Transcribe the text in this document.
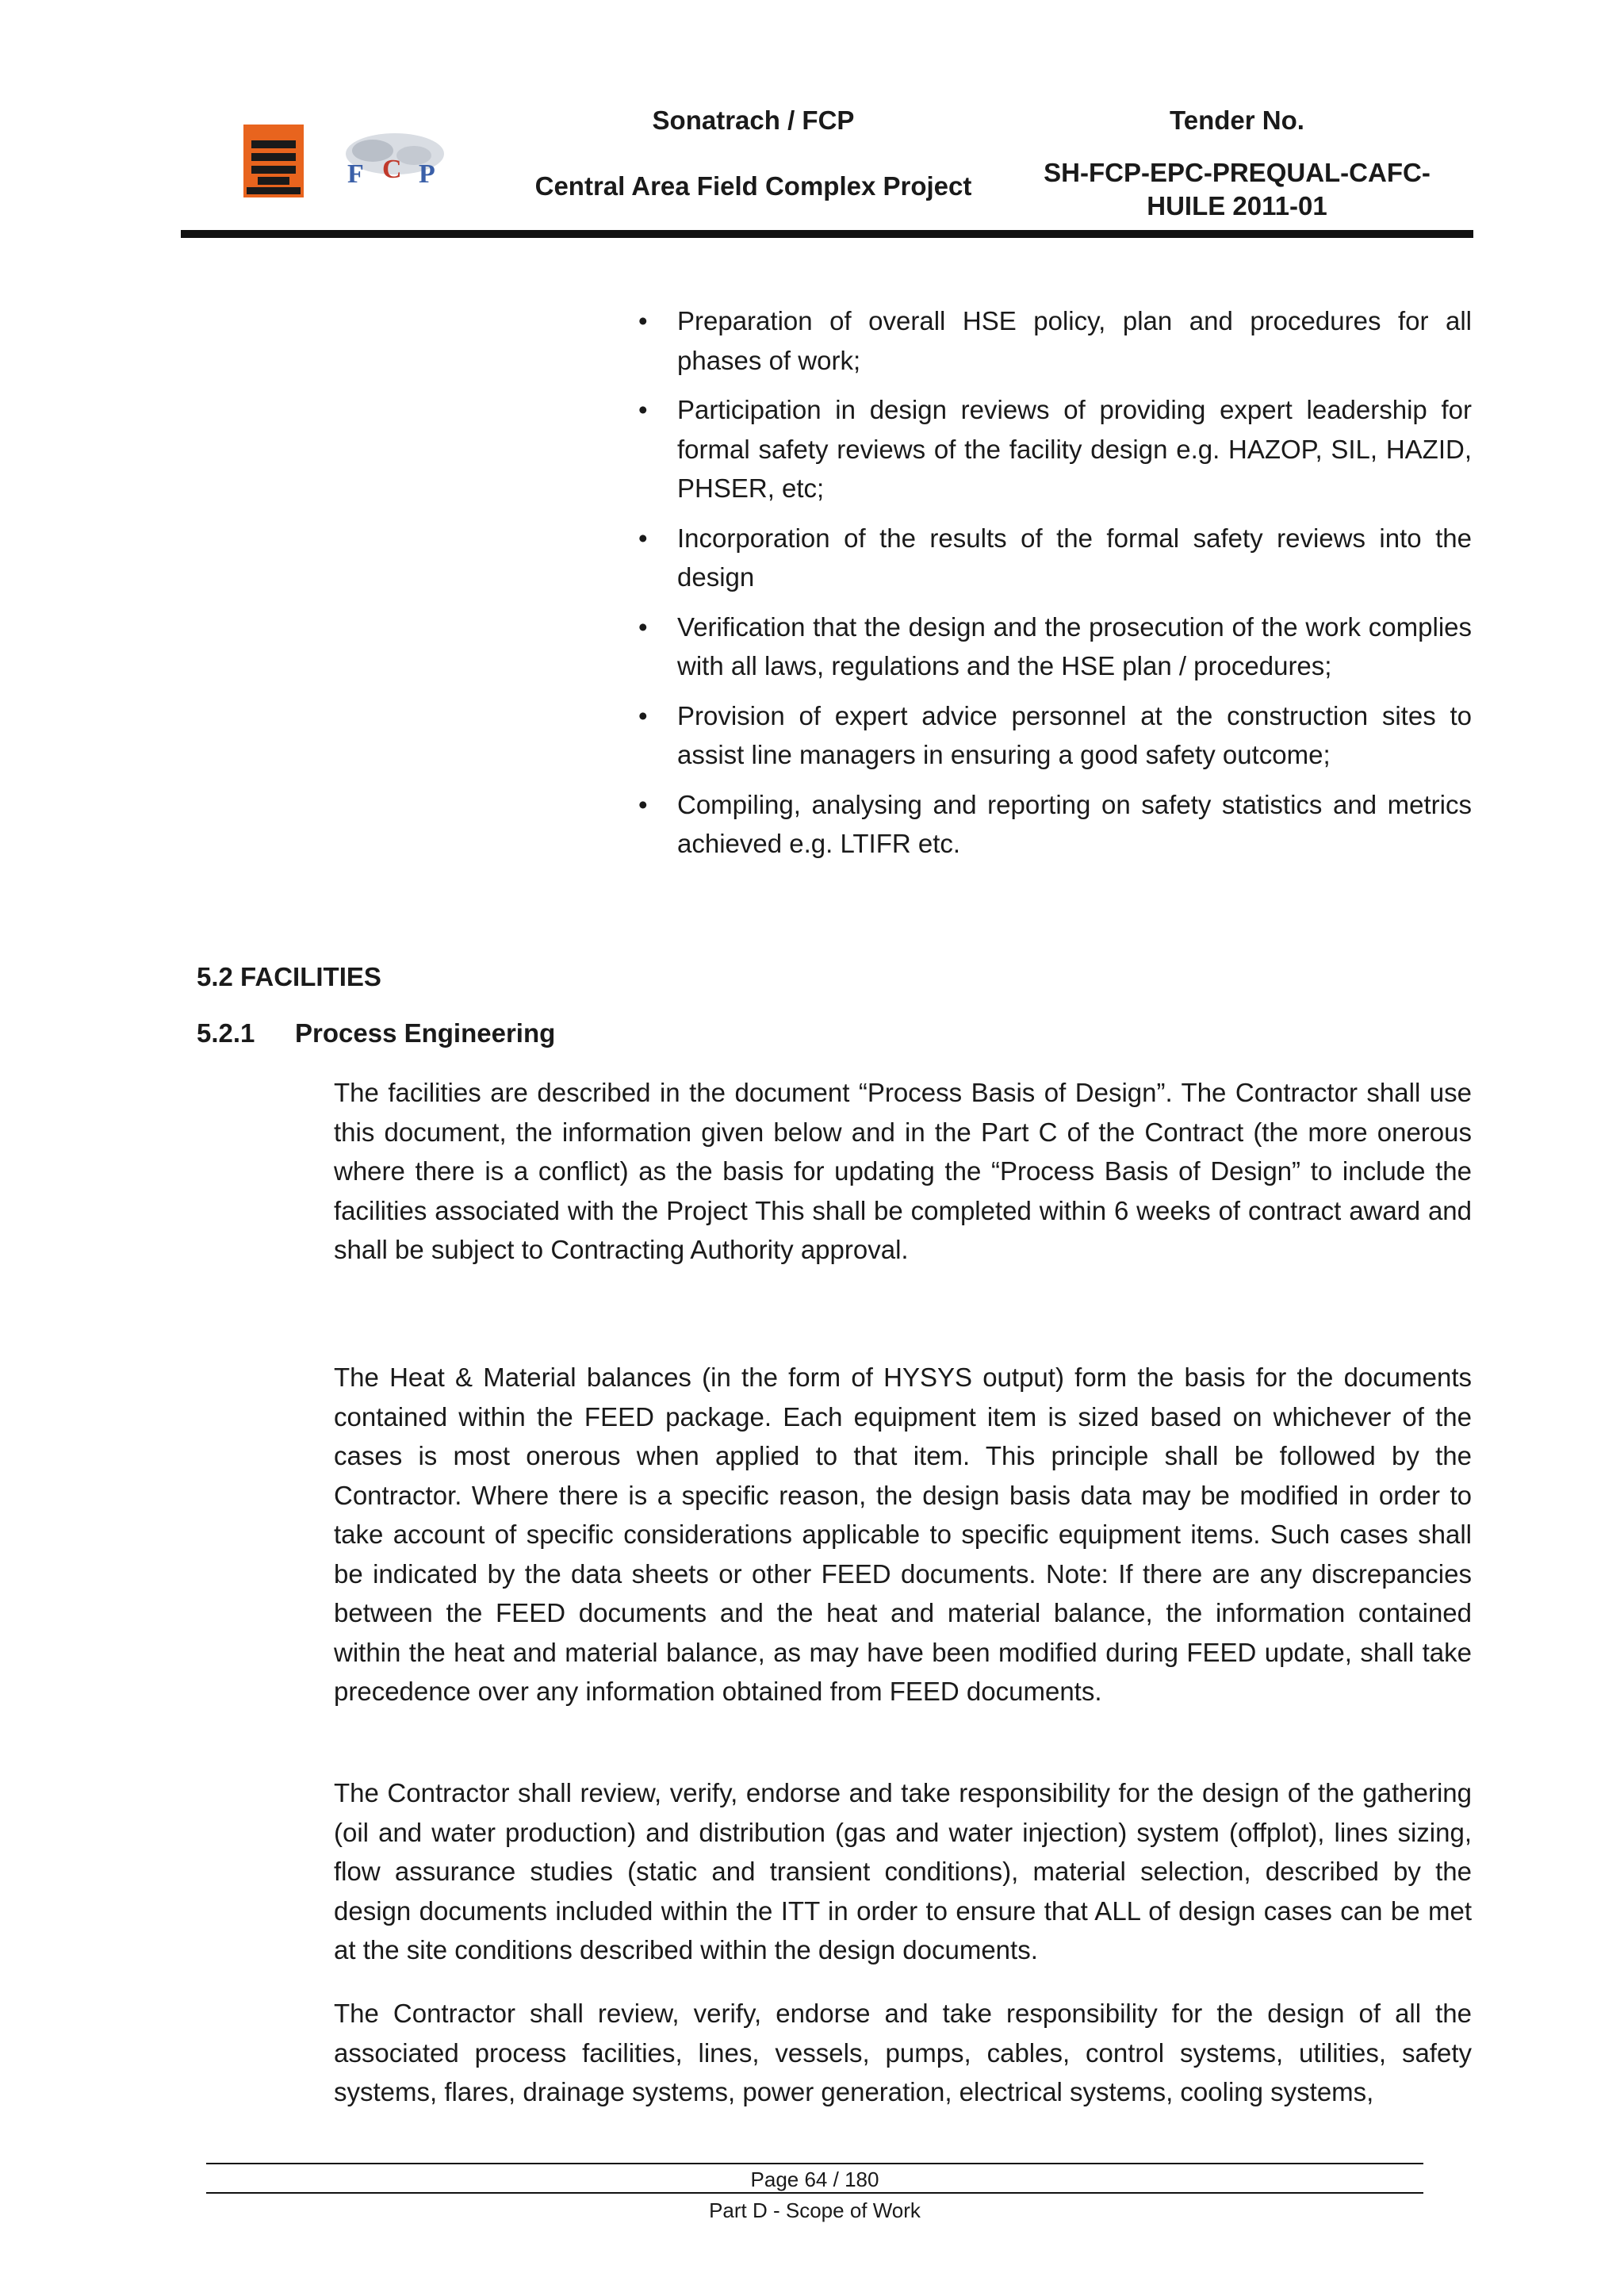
F C P
Sonatrach / FCP
Central Area Field Complex Project
Tender No.
SH-FCP-EPC-PREQUAL-CAFC-HUILE 2011-01
• Preparation of overall HSE policy, plan and procedures for all phases of work;
• Participation in design reviews of providing expert leadership for formal safety reviews of the facility design e.g. HAZOP, SIL, HAZID, PHSER, etc;
• Incorporation of the results of the formal safety reviews into the design
• Verification that the design and the prosecution of the work complies with all laws, regulations and the HSE plan / procedures;
• Provision of expert advice personnel at the construction sites to assist line managers in ensuring a good safety outcome;
• Compiling, analysing and reporting on safety statistics and metrics achieved e.g. LTIFR etc.
5.2 FACILITIES
5.2.1 Process Engineering

The facilities are described in the document “Process Basis of Design”. The Contractor shall use this document, the information given below and in the Part C of the Contract (the more onerous where there is a conflict) as the basis for updating the “Process Basis of Design” to include the facilities associated with the Project This shall be completed within 6 weeks of contract award and shall be subject to Contracting Authority approval.

The Heat & Material balances (in the form of HYSYS output) form the basis for the documents contained within the FEED package. Each equipment item is sized based on whichever of the cases is most onerous when applied to that item. This principle shall be followed by the Contractor. Where there is a specific reason, the design basis data may be modified in order to take account of specific considerations applicable to specific equipment items. Such cases shall be indicated by the data sheets or other FEED documents. Note: If there are any discrepancies between the FEED documents and the heat and material balance, the information contained within the heat and material balance, as may have been modified during FEED update, shall take precedence over any information obtained from FEED documents.

The Contractor shall review, verify, endorse and take responsibility for the design of the gathering (oil and water production) and distribution (gas and water injection) system (offplot), lines sizing, flow assurance studies (static and transient conditions), material selection, described by the design documents included within the ITT in order to ensure that ALL of design cases can be met at the site conditions described within the design documents.

The Contractor shall review, verify, endorse and take responsibility for the design of all the associated process facilities, lines, vessels, pumps, cables, control systems, utilities, safety systems, flares, drainage systems, power generation, electrical systems, cooling systems,

Page 64 / 180
Part D - Scope of Work
